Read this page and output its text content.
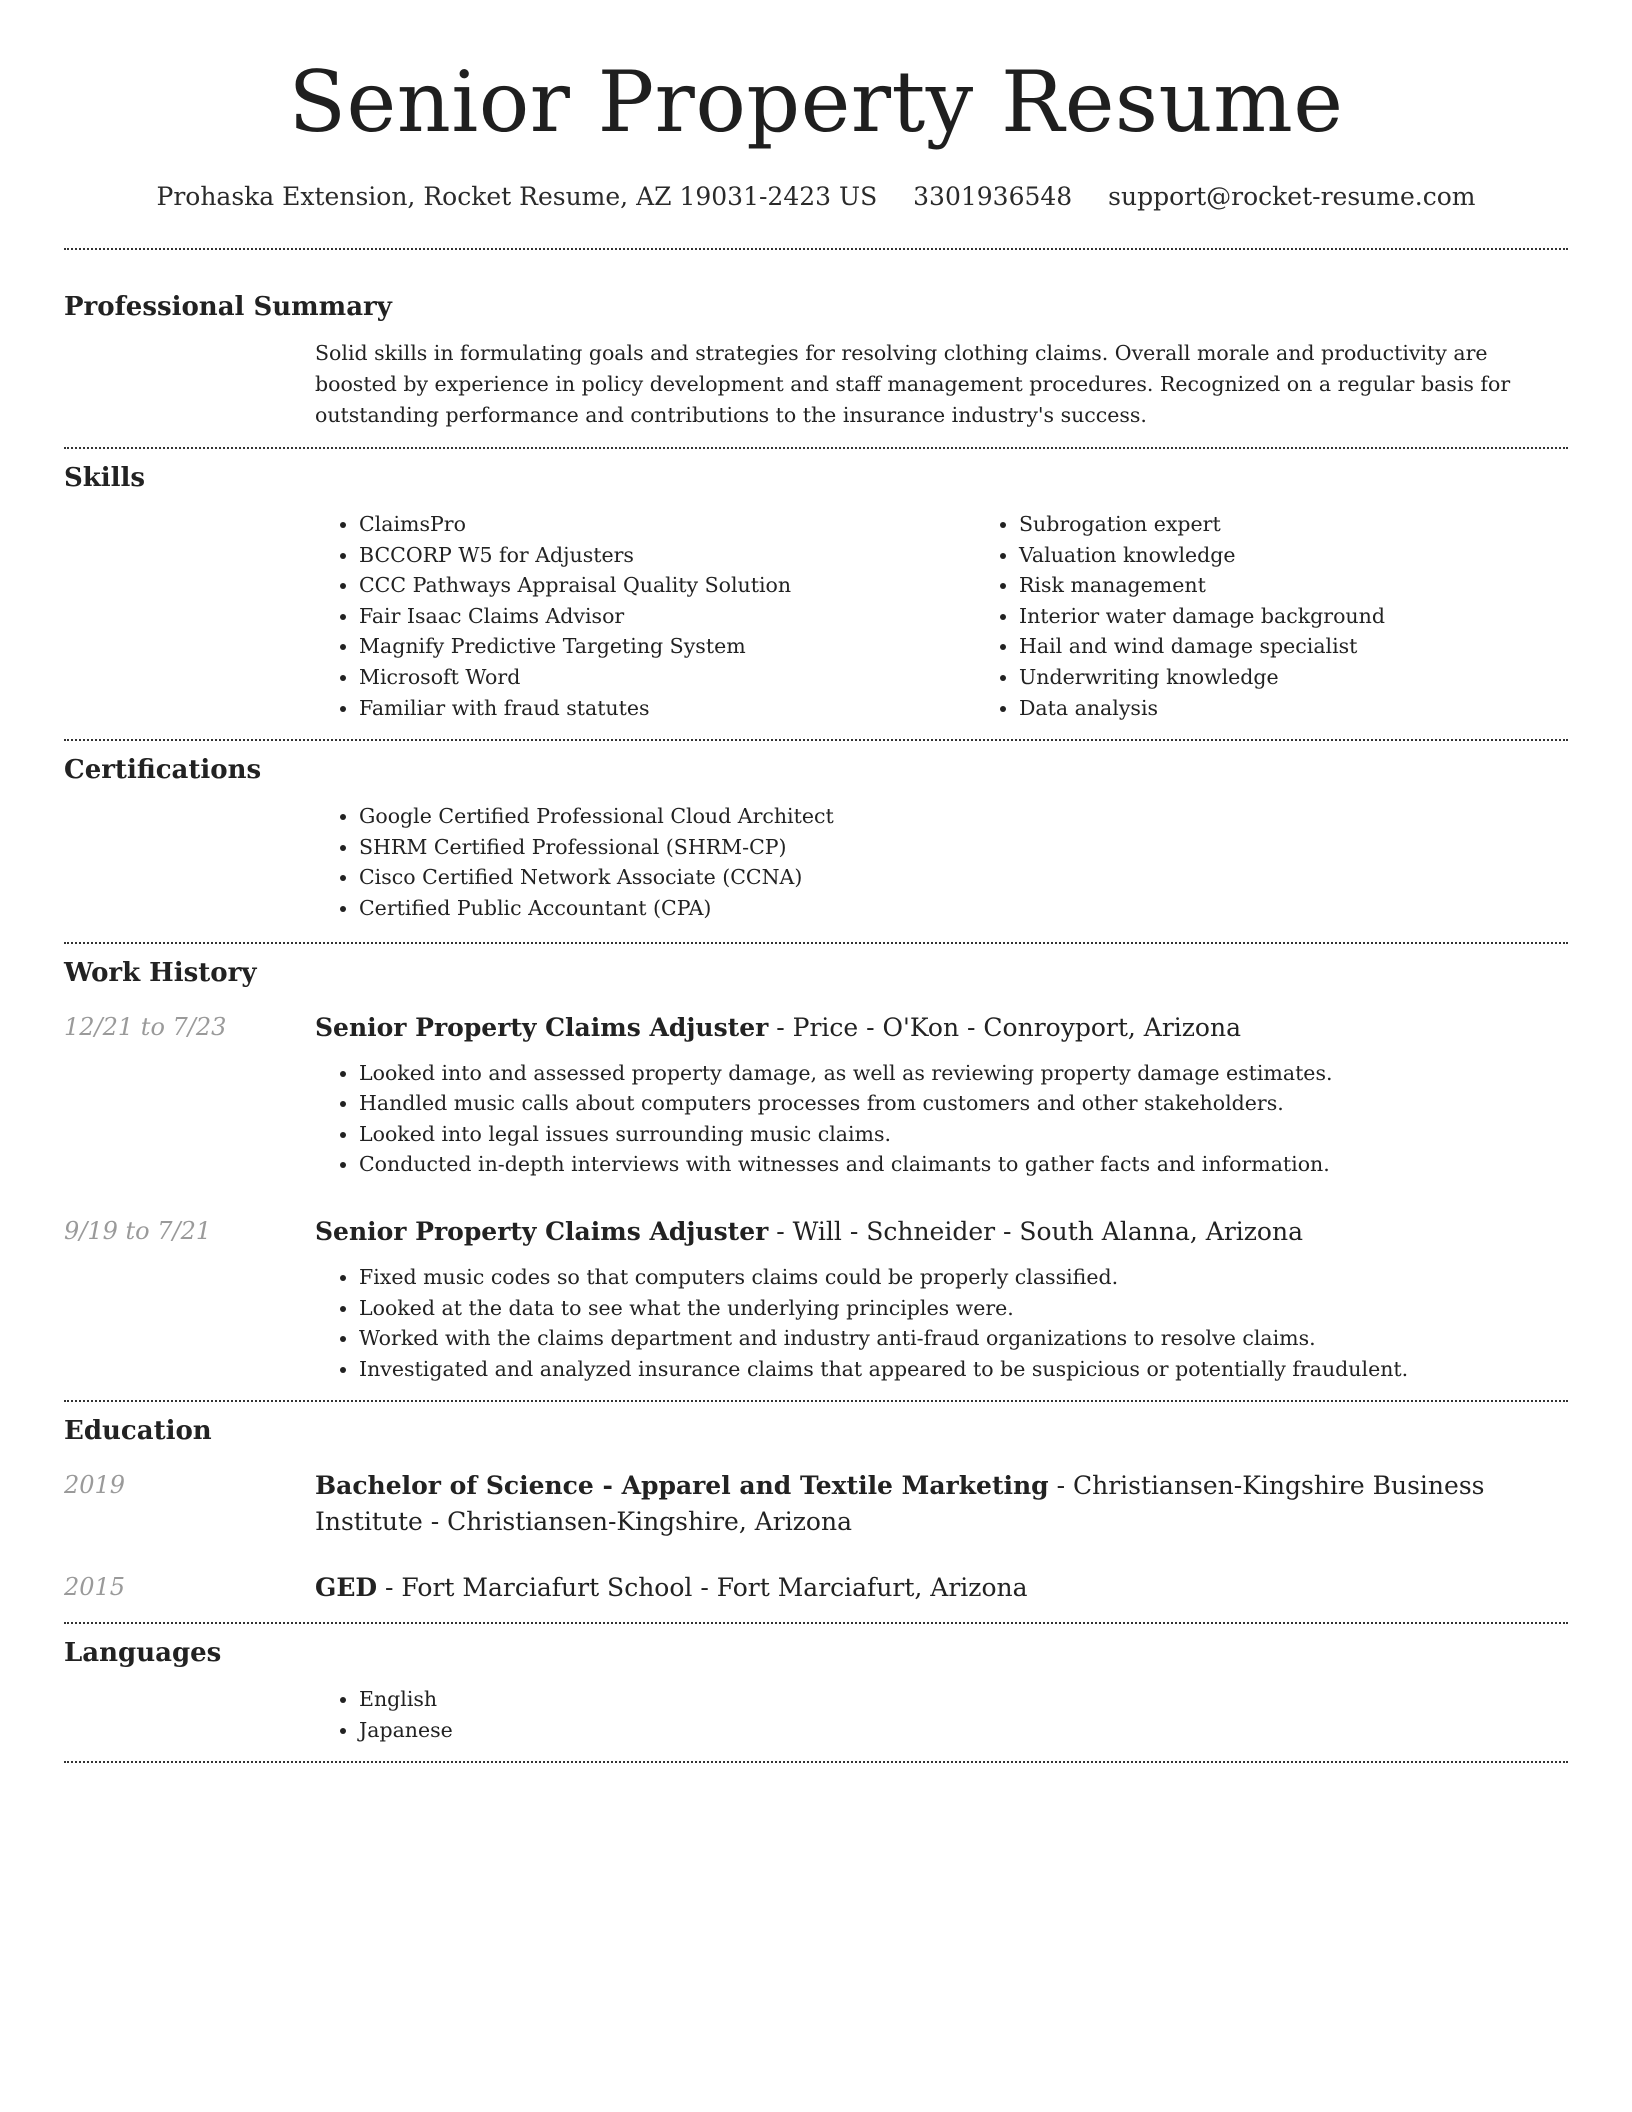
Senior Property Resume
Prohaska Extension, Rocket Resume, AZ 19031-2423 US 3301936548 support@rocket-resume.com
Professional Summary

Solid skills in formulating goals and strategies for resolving clothing claims. Overall morale and productivity are boosted by experience in policy development and staff management procedures. Recognized on a regular basis for outstanding performance and contributions to the insurance industry's success.

Skills
• ClaimsPro
• BCCORP W5 for Adjusters
• CCC Pathways Appraisal Quality Solution
• Fair Isaac Claims Advisor
• Magnify Predictive Targeting System
• Microsoft Word
• Familiar with fraud statutes
• Subrogation expert
• Valuation knowledge
• Risk management
• Interior water damage background
• Hail and wind damage specialist
• Underwriting knowledge
• Data analysis
Certifications
• Google Certified Professional Cloud Architect
• SHRM Certified Professional (SHRM-CP)
• Cisco Certified Network Associate (CCNA)
• Certified Public Accountant (CPA)
Work History
12/21 to 7/23	Senior Property Claims Adjuster - Price - O'Kon - Conroyport, Arizona
• Looked into and assessed property damage, as well as reviewing property damage estimates.
• Handled music calls about computers processes from customers and other stakeholders.
• Looked into legal issues surrounding music claims.
• Conducted in-depth interviews with witnesses and claimants to gather facts and information.
9/19 to 7/21	Senior Property Claims Adjuster - Will - Schneider - South Alanna, Arizona
• Fixed music codes so that computers claims could be properly classified.
• Looked at the data to see what the underlying principles were.
• Worked with the claims department and industry anti-fraud organizations to resolve claims.
• Investigated and analyzed insurance claims that appeared to be suspicious or potentially fraudulent.
Education
2019	Bachelor of Science - Apparel and Textile Marketing - Christiansen-Kingshire Business Institute - Christiansen-Kingshire, Arizona
2015	GED - Fort Marciafurt School - Fort Marciafurt, Arizona
Languages
• English
• Japanese
